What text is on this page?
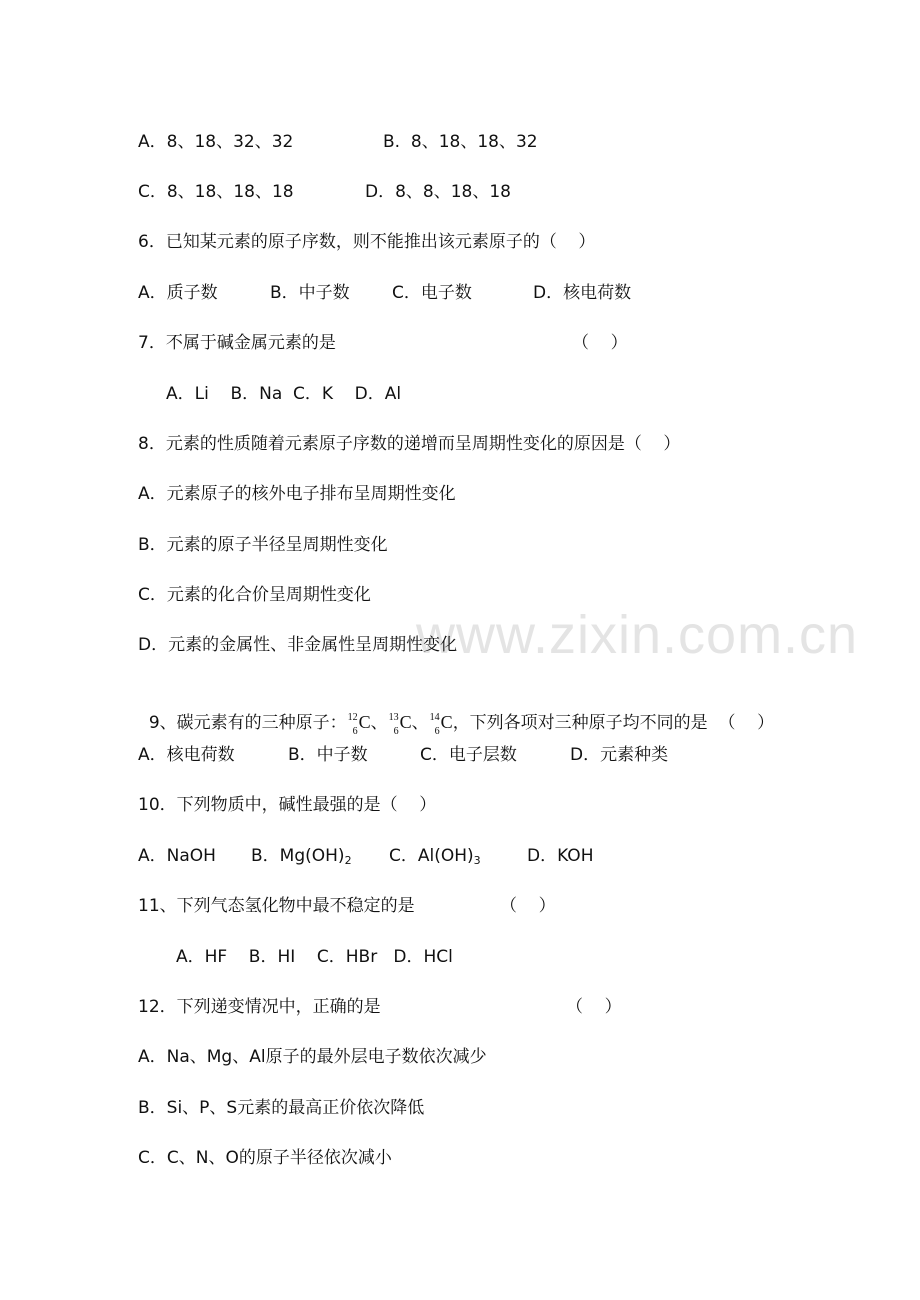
www.zixin.com.cn
A．8、18、32、32	B.  8、18、18、32
C．8、18、18、18	D．8、8、18、18
6．已知某元素的原子序数，则不能推出该元素原子的（    ）
A．质子数	B．中子数 C．电子数	D．核电荷数
7．不属于碱金属元素的是	（    ）
A．Li    B．Na  C．K    D．Al
8．元素的性质随着元素原子序数的递增而呈周期性变化的原因是（    ）
A．元素原子的核外电子排布呈周期性变化
B．元素的原子半径呈周期性变化
C．元素的化合价呈周期性变化
D．元素的金属性、非金属性呈周期性变化

9、碳元素有的三种原子： 12
6 C、 13
6 C、 14
6 C，下列各项对三种原子均不同的是  （    ）

A．核电荷数	B．中子数	C．电子层数	D．元素种类
10．下列物质中，碱性最强的是（    ）
A．NaOH B．$Mg(OH)_2$ C．$Al(OH)_3$	D．KOH
11、下列气态氢化物中最不稳定的是	（    ）
A．HF    B．HI    C．HBr   D．HCl
12．下列递变情况中，正确的是	（    ）
A．Na、Mg、Al原子的最外层电子数依次减少
B．Si、P、S元素的最高正价依次降低
C．C、N、O的原子半径依次减小
